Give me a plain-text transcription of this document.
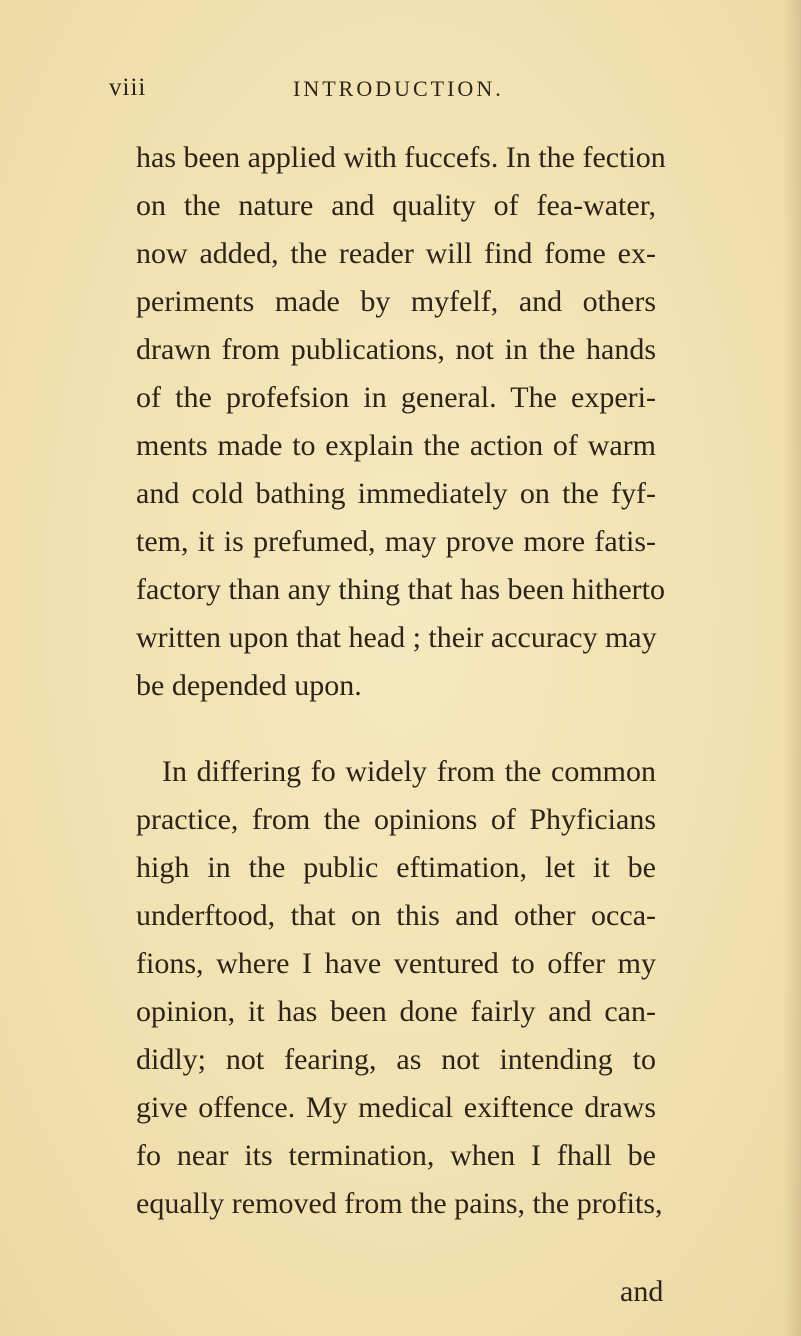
viii	INTRODUCTION.
has been applied with fuccefs. In the fection
on the nature and quality of fea-water,
now added, the reader will find fome ex-
periments made by myfelf, and others
drawn from publications, not in the hands
of the profefsion in general. The experi-
ments made to explain the action of warm
and cold bathing immediately on the fyf-
tem, it is prefumed, may prove more fatis-
factory than any thing that has been hitherto
written upon that head ; their accuracy may
be depended upon.
In differing fo widely from the common
practice, from the opinions of Phyficians
high in the public eftimation, let it be
underftood, that on this and other occa-
fions, where I have ventured to offer my
opinion, it has been done fairly and can-
didly; not fearing, as not intending to
give offence. My medical exiftence draws
fo near its termination, when I fhall be
equally removed from the pains, the profits,
and
